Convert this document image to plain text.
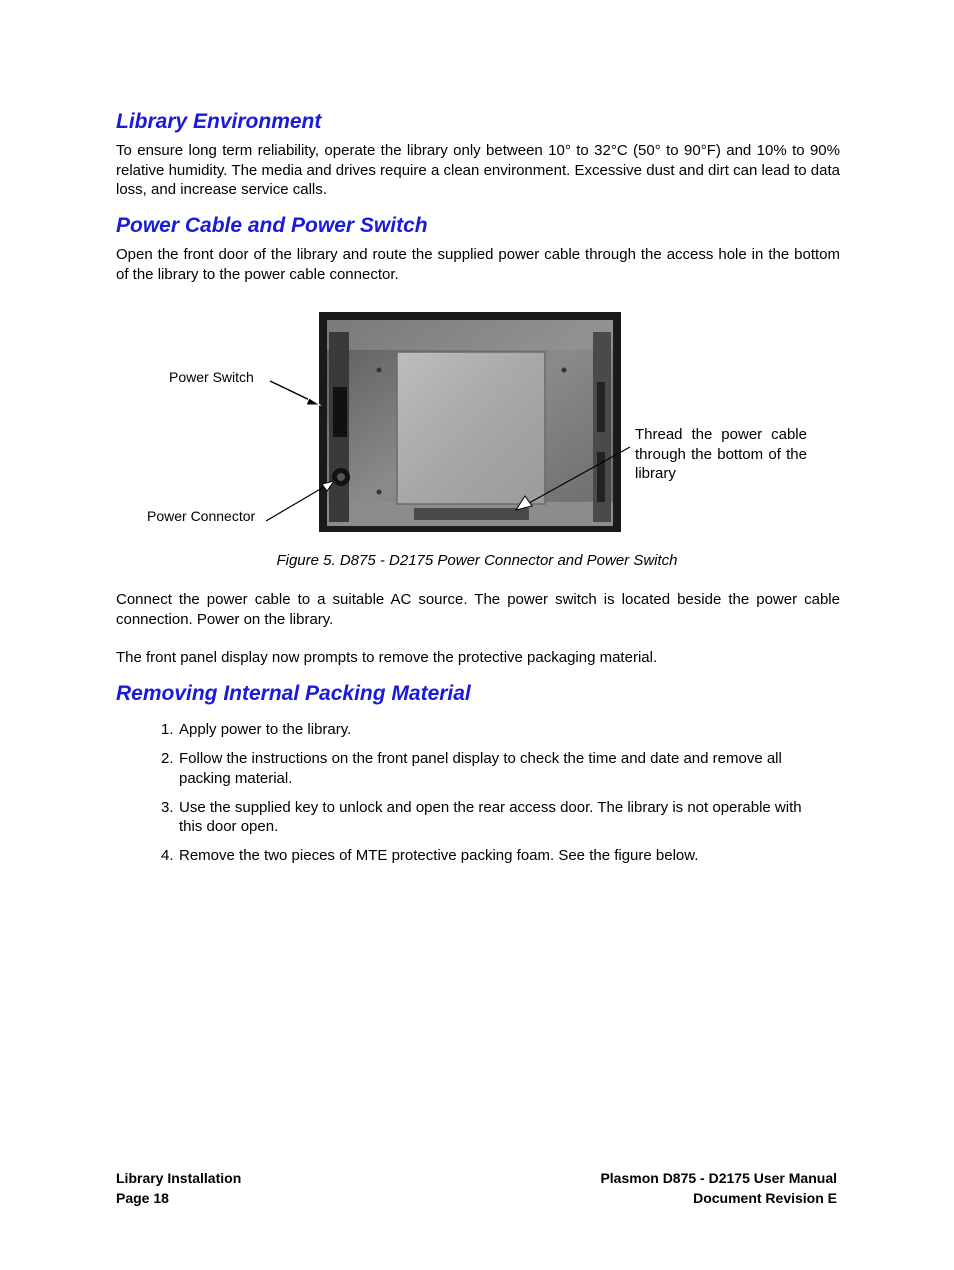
Library Environment

To ensure long term reliability, operate the library only between 10° to 32°C (50° to 90°F) and 10% to 90% relative humidity. The media and drives require a clean environment. Excessive dust and dirt can lead to data loss, and increase service calls.

Power Cable and Power Switch

Open the front door of the library and route the supplied power cable through the access hole in the bottom of the library to the power cable connector.

Power Switch
Power Connector
Thread the power cable through the bottom of the library
Figure 5. D875 - D2175 Power Connector and Power Switch

Connect the power cable to a suitable AC source. The power switch is located beside the power cable connection. Power on the library.

The front panel display now prompts to remove the protective packaging material.

Removing Internal Packing Material
1. Apply power to the library.
2. Follow the instructions on the front panel display to check the time and date and remove all packing material.
3. Use the supplied key to unlock and open the rear access door. The library is not operable with this door open.
4. Remove the two pieces of MTE protective packing foam. See the figure below.
Library Installation
Page 18
Plasmon D875 - D2175 User Manual
Document Revision E
